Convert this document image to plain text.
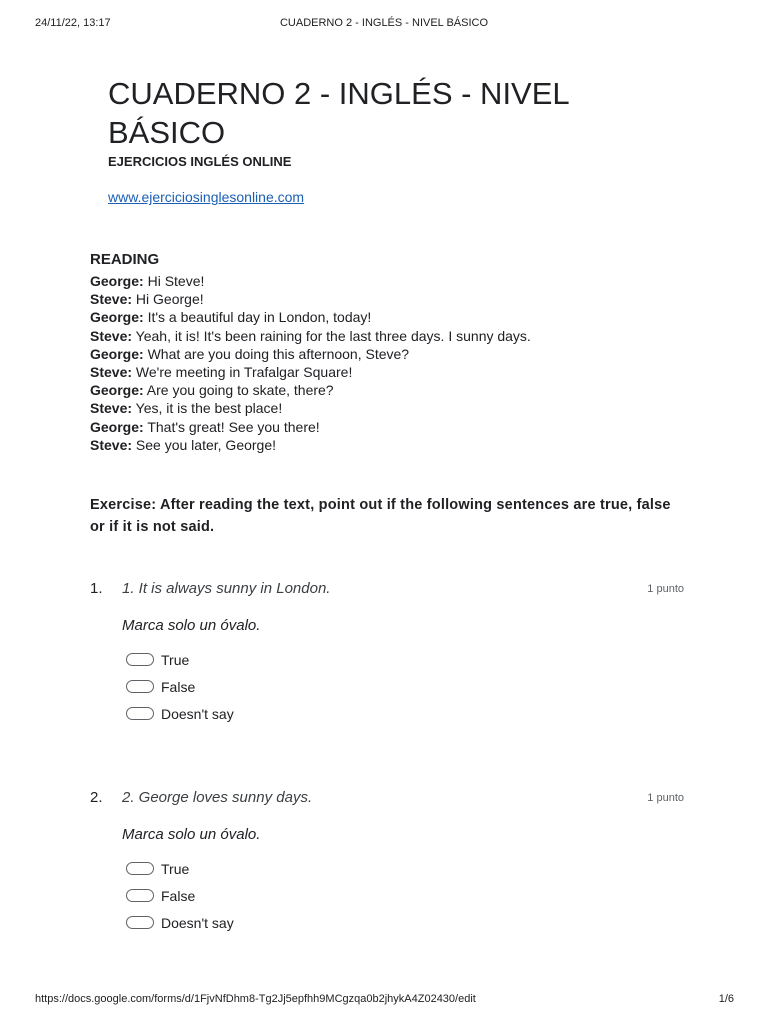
24/11/22, 13:17	CUADERNO 2 - INGLÉS - NIVEL BÁSICO
CUADERNO 2 - INGLÉS - NIVEL BÁSICO
EJERCICIOS INGLÉS ONLINE
www.ejerciciosinglesonline.com
READING
George: Hi Steve!
Steve: Hi George!
George: It's a beautiful day in London, today!
Steve: Yeah, it is! It's been raining for the last three days. I sunny days.
George: What are you doing this afternoon, Steve?
Steve: We're meeting in Trafalgar Square!
George: Are you going to skate, there?
Steve: Yes, it is the best place!
George: That's great! See you there!
Steve: See you later, George!
Exercise: After reading the text, point out if the following sentences are true, false or if it is not said.
1. 1. It is always sunny in London.	1 punto
Marca solo un óvalo.
True
False
Doesn't say
2. 2. George loves sunny days.	1 punto
Marca solo un óvalo.
True
False
Doesn't say
https://docs.google.com/forms/d/1FjvNfDhm8-Tg2Jj5epfhh9MCgzqa0b2jhykA4Z02430/edit	1/6
